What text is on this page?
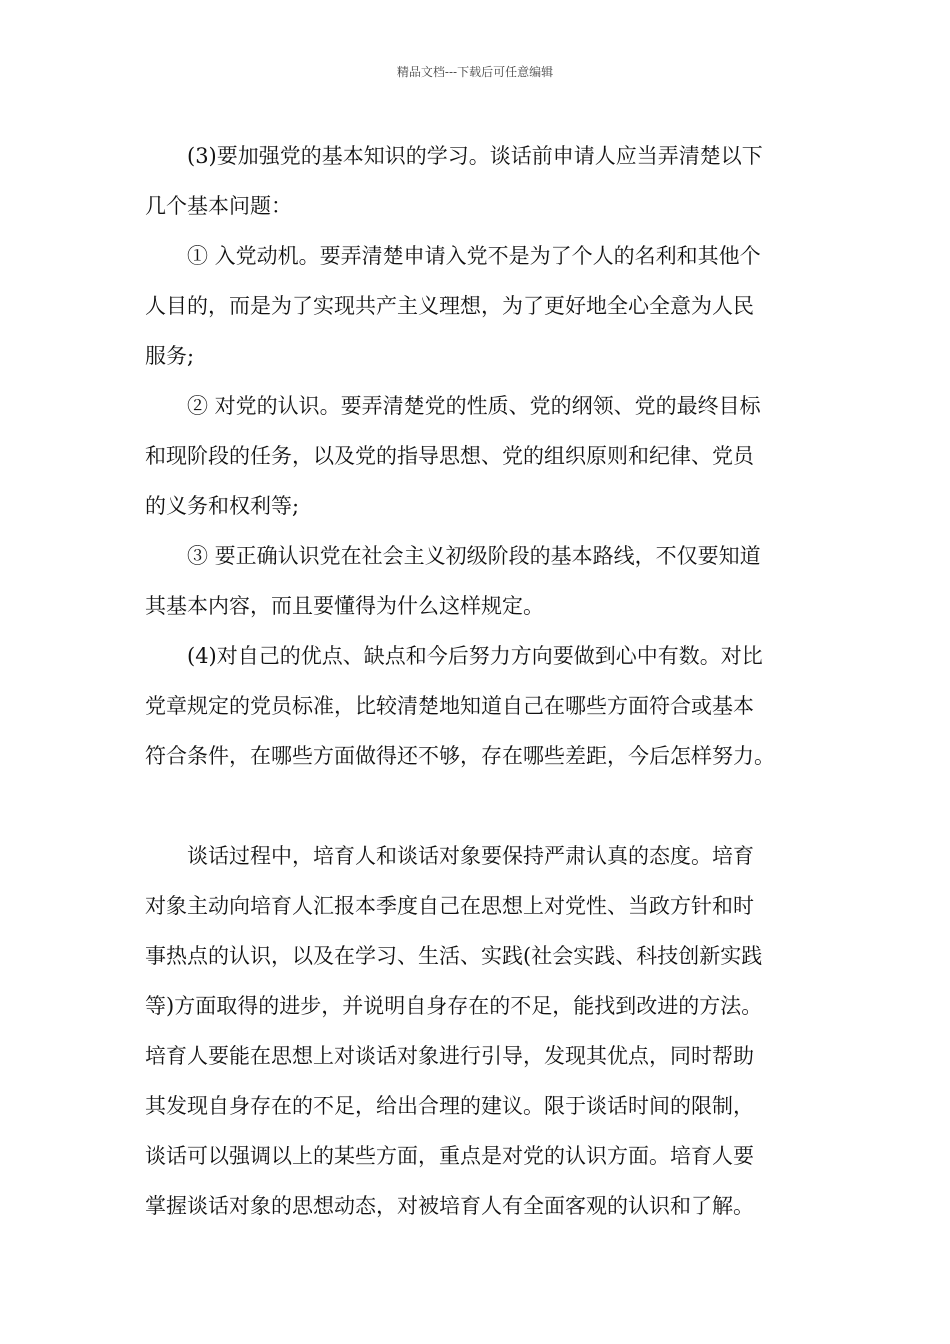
精品文档---下载后可任意编辑

(3)要加强党的基本知识的学习。谈话前申请人应当弄清楚以下
几个基本问题：

① 入党动机。要弄清楚申请入党不是为了个人的名利和其他个
人目的，而是为了实现共产主义理想，为了更好地全心全意为人民
服务;

② 对党的认识。要弄清楚党的性质、党的纲领、党的最终目标
和现阶段的任务，以及党的指导思想、党的组织原则和纪律、党员
的义务和权利等;

③ 要正确认识党在社会主义初级阶段的基本路线，不仅要知道
其基本内容，而且要懂得为什么这样规定。

(4)对自己的优点、缺点和今后努力方向要做到心中有数。对比
党章规定的党员标准，比较清楚地知道自己在哪些方面符合或基本
符合条件，在哪些方面做得还不够，存在哪些差距，今后怎样努力。

谈话过程中，培育人和谈话对象要保持严肃认真的态度。培育
对象主动向培育人汇报本季度自己在思想上对党性、当政方针和时
事热点的认识，以及在学习、生活、实践(社会实践、科技创新实践
等)方面取得的进步，并说明自身存在的不足，能找到改进的方法。
培育人要能在思想上对谈话对象进行引导，发现其优点，同时帮助
其发现自身存在的不足，给出合理的建议。限于谈话时间的限制，
谈话可以强调以上的某些方面，重点是对党的认识方面。培育人要
掌握谈话对象的思想动态，对被培育人有全面客观的认识和了解。
